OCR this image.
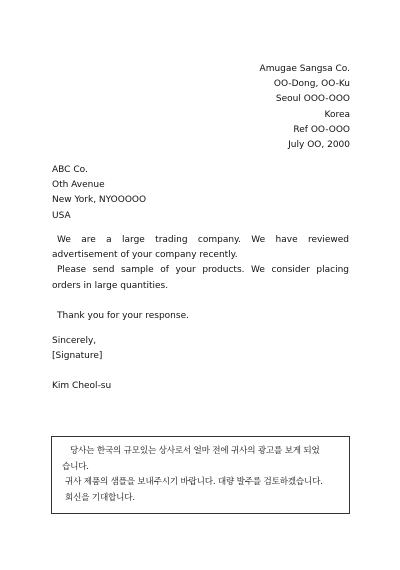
Amugae Sangsa Co.
OO-Dong, OO-Ku
Seoul OOO-OOO
Korea
Ref OO-OOO
July OO, 2000
ABC Co.
Oth Avenue
New York, NYOOOOO
USA
We are a large trading company. We have reviewed advertisement of your company recently.
Please send sample of your products. We consider placing orders in large quantities.
Thank you for your response.
Sincerely,
[Signature]
Kim Cheol-su
당사는 한국의 규모있는 상사로서 얼마 전에 귀사의 광고를 보게 되었
습니다.
귀사 제품의 샘플을 보내주시기 바랍니다. 대량 발주를 검토하겠습니다.
회신을 기대합니다.
